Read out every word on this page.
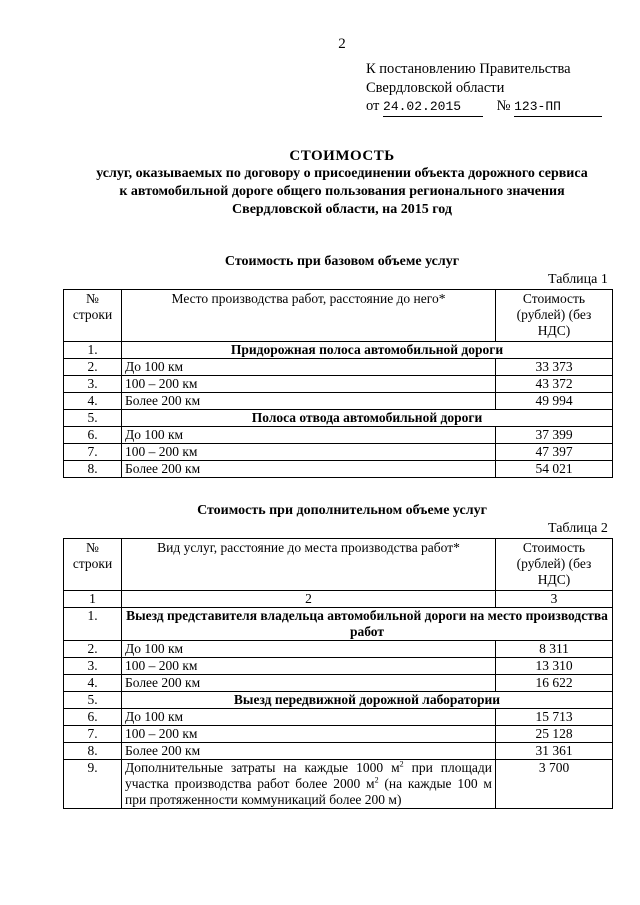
2
К постановлению Правительства
Свердловской области
от 24.02.2015 № 123-ПП
СТОИМОСТЬ
услуг, оказываемых по договору о присоединении объекта дорожного сервиса
к автомобильной дороге общего пользования регионального значения
Свердловской области, на 2015 год
Стоимость при базовом объеме услуг
Таблица 1
№ строки	Место производства работ, расстояние до него*	Стоимость (рублей) (без НДС)
1.	Придорожная полоса автомобильной дороги	
2.	До 100 км	33 373
3.	100 – 200 км	43 372
4.	Более 200 км	49 994
5.	Полоса отвода автомобильной дороги	
6.	До 100 км	37 399
7.	100 – 200 км	47 397
8.	Более 200 км	54 021
Стоимость при дополнительном объеме услуг
Таблица 2
№ строки	Вид услуг, расстояние до места производства работ*	Стоимость (рублей) (без НДС)
1	2	3
1.	Выезд представителя владельца автомобильной дороги на место производства работ	
2.	До 100 км	8 311
3.	100 – 200 км	13 310
4.	Более 200 км	16 622
5.	Выезд передвижной дорожной лаборатории	
6.	До 100 км	15 713
7.	100 – 200 км	25 128
8.	Более 200 км	31 361
9.	Дополнительные затраты на каждые 1000 $м^2$ при площади участка производства работ более 2000 $м^2$ (на каждые 100 м при протяженности коммуникаций более 200 м)	3 700
